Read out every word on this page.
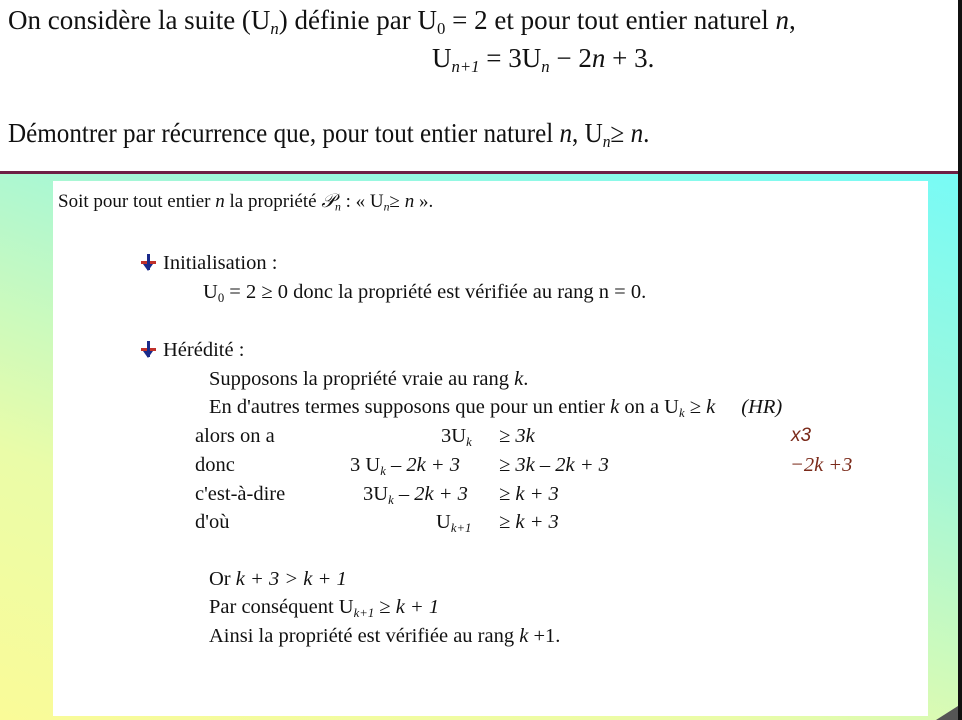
On considère la suite $(U_n)$ définie par $U_0 = 2$ et pour tout entier naturel n,
$U_{n+1} = 3U_n - 2n + 3$.
Démontrer par récurrence que, pour tout entier naturel n, $U_n\ge n$.
Soit pour tout entier n la propriété 𝒫$_n$ : « $U_n\ge n$ ».
Initialisation :
$U_0 = 2 \ge 0$ donc la propriété est vérifiée au rang n = 0.
Hérédité :
Supposons la propriété vraie au rang k.
En d'autres termes supposons que pour un entier k on a $U_k \ge k$ (HR)
alors on a	$3U_k \ge 3k$	x3
donc	3 $U_k - 2k + 3 \ge 3k - 2k + 3$	−2k +3
c'est-à-dire	$3U_k - 2k + 3 \ge k + 3$
d'où	$U_{k+1} \ge k + 3$
Or k + 3 > k + 1
Par conséquent $U_{k+1} \ge k + 1$
Ainsi la propriété est vérifiée au rang k +1.
